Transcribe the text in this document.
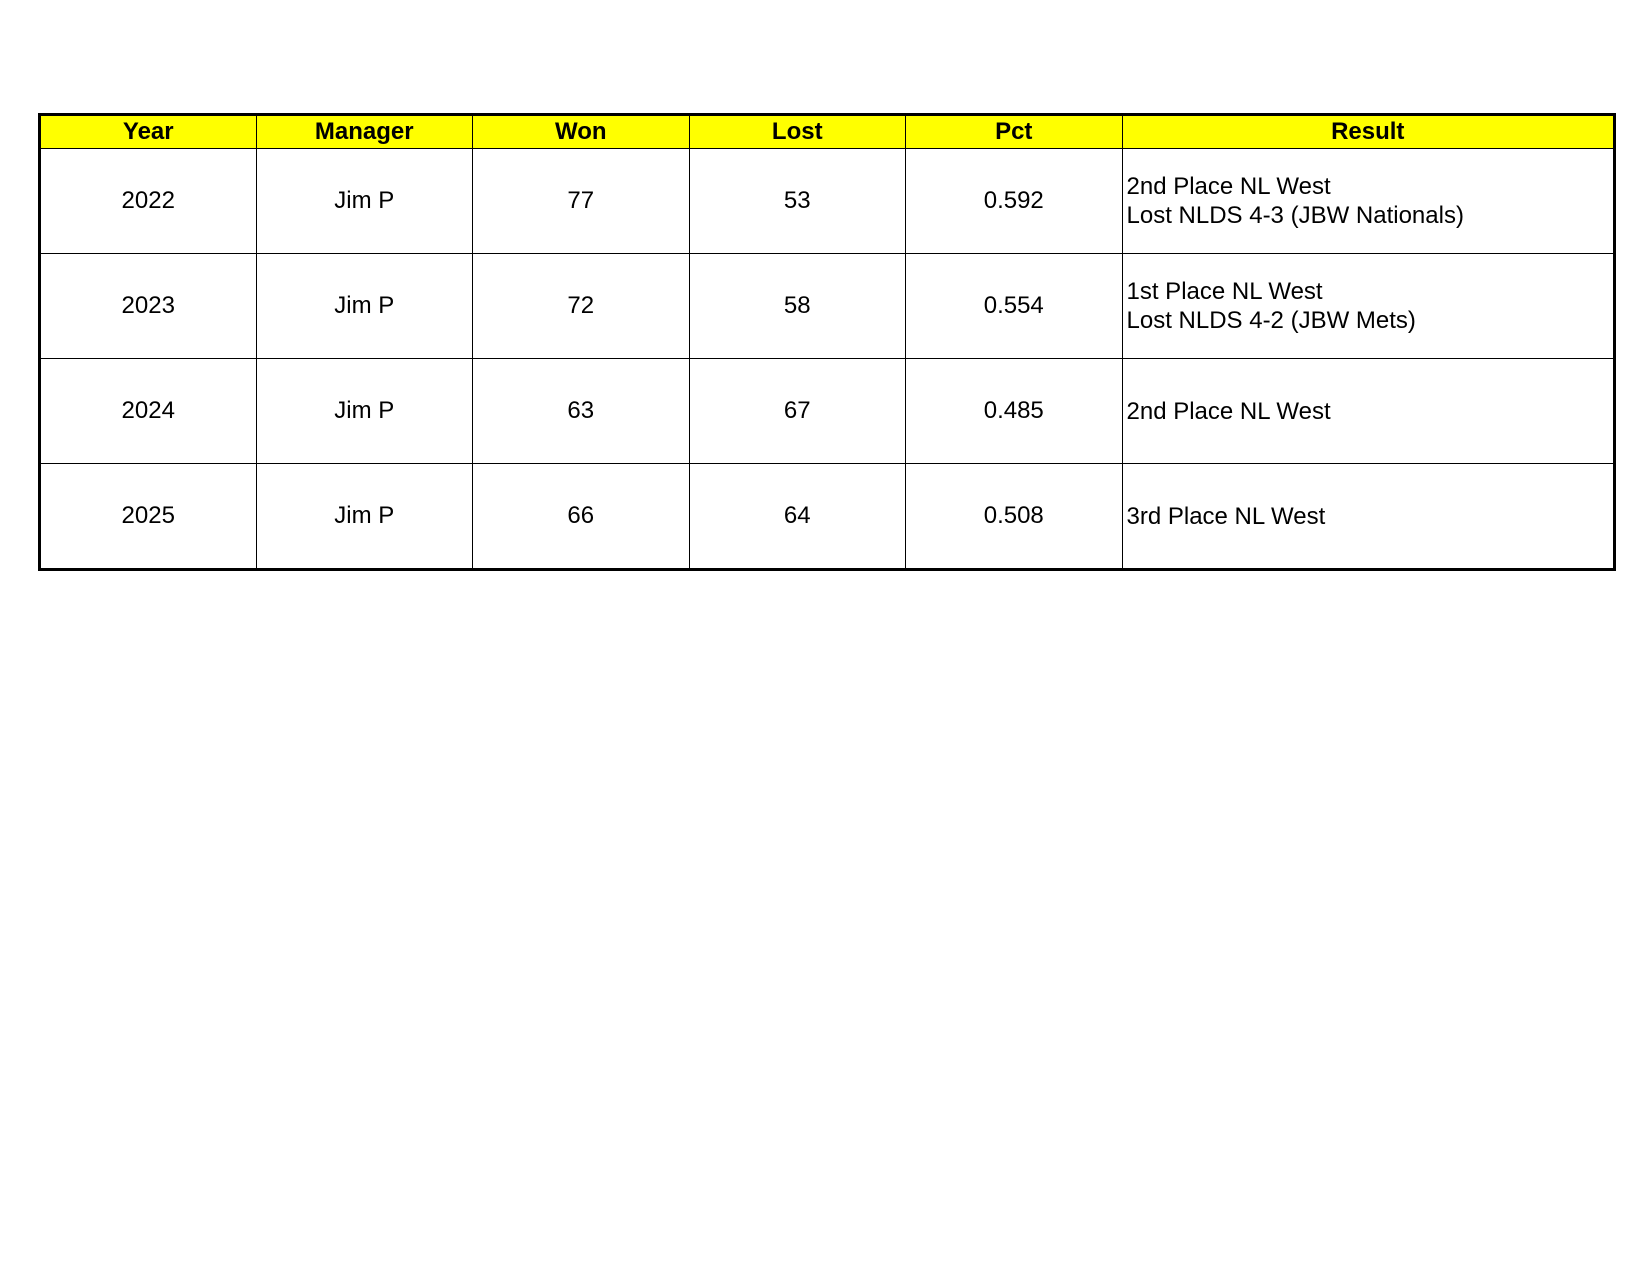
Year	Manager	Won	Lost	Pct	Result
2022	Jim P	77	53	0.592	2nd Place NL West
Lost NLDS 4-3 (JBW Nationals)

2023	Jim P	72	58	0.554	1st Place NL West
Lost NLDS 4-2 (JBW Mets)

2024	Jim P	63	67	0.485	2nd Place NL West

2025	Jim P	66	64	0.508	3rd Place NL West
